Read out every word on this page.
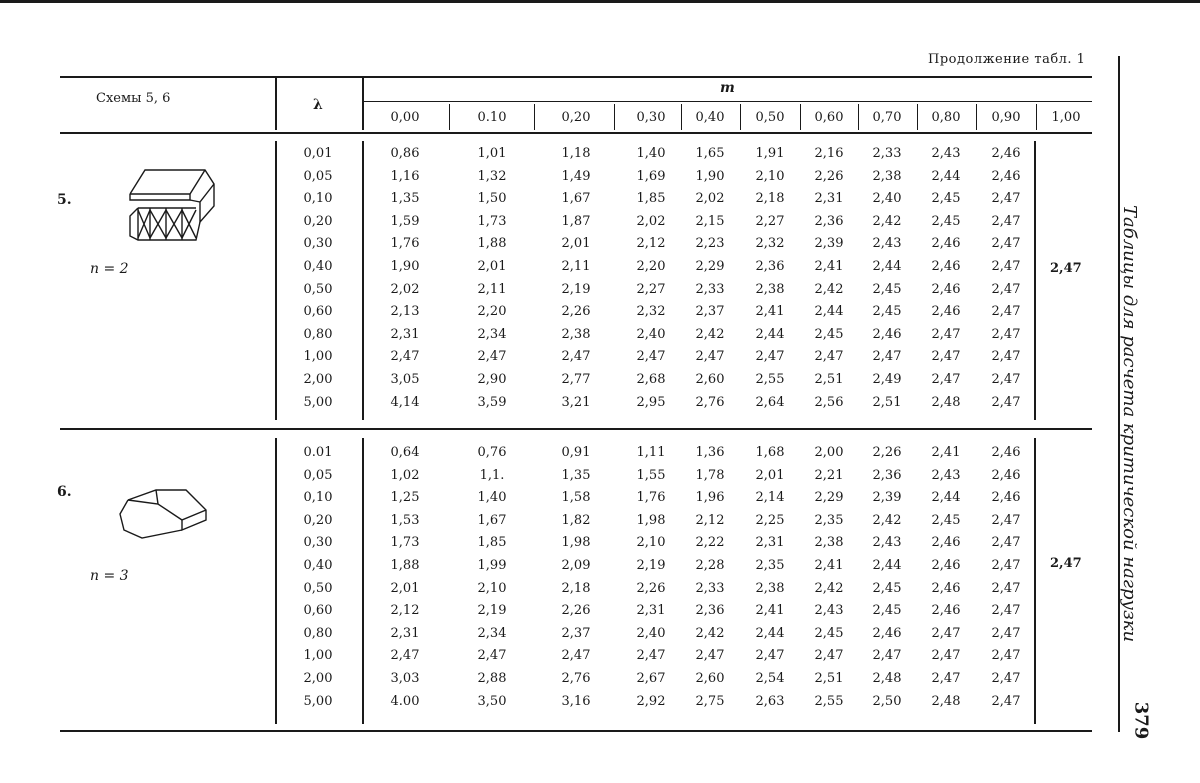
Продолжение табл. 1
Схемы 5, 6	λ
m
0,00	0.10	0,20	0,30	0,40	0,50	0,60	0,70	0,80	0,90	1,00
0,01	0,86	1,01	1,18	1,40	1,65	1,91	2,16	2,33	2,43	2,46
0,05	1,16	1,32	1,49	1,69	1,90	2,10	2,26	2,38	2,44	2,46
0,10	1,35	1,50	1,67	1,85	2,02	2,18	2,31	2,40	2,45	2,47
0,20	1,59	1,73	1,87	2,02	2,15	2,27	2,36	2,42	2,45	2,47
0,30	1,76	1,88	2,01	2,12	2,23	2,32	2,39	2,43	2,46	2,47
0,40	1,90	2,01	2,11	2,20	2,29	2,36	2,41	2,44	2,46	2,47
0,50	2,02	2,11	2,19	2,27	2,33	2,38	2,42	2,45	2,46	2,47
0,60	2,13	2,20	2,26	2,32	2,37	2,41	2,44	2,45	2,46	2,47
0,80	2,31	2,34	2,38	2,40	2,42	2,44	2,45	2,46	2,47	2,47
1,00	2,47	2,47	2,47	2,47	2,47	2,47	2,47	2,47	2,47	2,47
2,00	3,05	2,90	2,77	2,68	2,60	2,55	2,51	2,49	2,47	2,47
5,00	4,14	3,59	3,21	2,95	2,76	2,64	2,56	2,51	2,48	2,47
0.01	0,64	0,76	0,91	1,11	1,36	1,68	2,00	2,26	2,41	2,46
0,05	1,02	1,1.	1,35	1,55	1,78	2,01	2,21	2,36	2,43	2,46
0,10	1,25	1,40	1,58	1,76	1,96	2,14	2,29	2,39	2,44	2,46
0,20	1,53	1,67	1,82	1,98	2,12	2,25	2,35	2,42	2,45	2,47
0,30	1,73	1,85	1,98	2,10	2,22	2,31	2,38	2,43	2,46	2,47
0,40	1,88	1,99	2,09	2,19	2,28	2,35	2,41	2,44	2,46	2,47
0,50	2,01	2,10	2,18	2,26	2,33	2,38	2,42	2,45	2,46	2,47
0,60	2,12	2,19	2,26	2,31	2,36	2,41	2,43	2,45	2,46	2,47
0,80	2,31	2,34	2,37	2,40	2,42	2,44	2,45	2,46	2,47	2,47
1,00	2,47	2,47	2,47	2,47	2,47	2,47	2,47	2,47	2,47	2,47
2,00	3,03	2,88	2,76	2,67	2,60	2,54	2,51	2,48	2,47	2,47
5,00	4.00	3,50	3,16	2,92	2,75	2,63	2,55	2,50	2,48	2,47
5.
n = 2	2,47
6.
n = 3
2,47 Таблицы для расчета критической нагрузки
379
